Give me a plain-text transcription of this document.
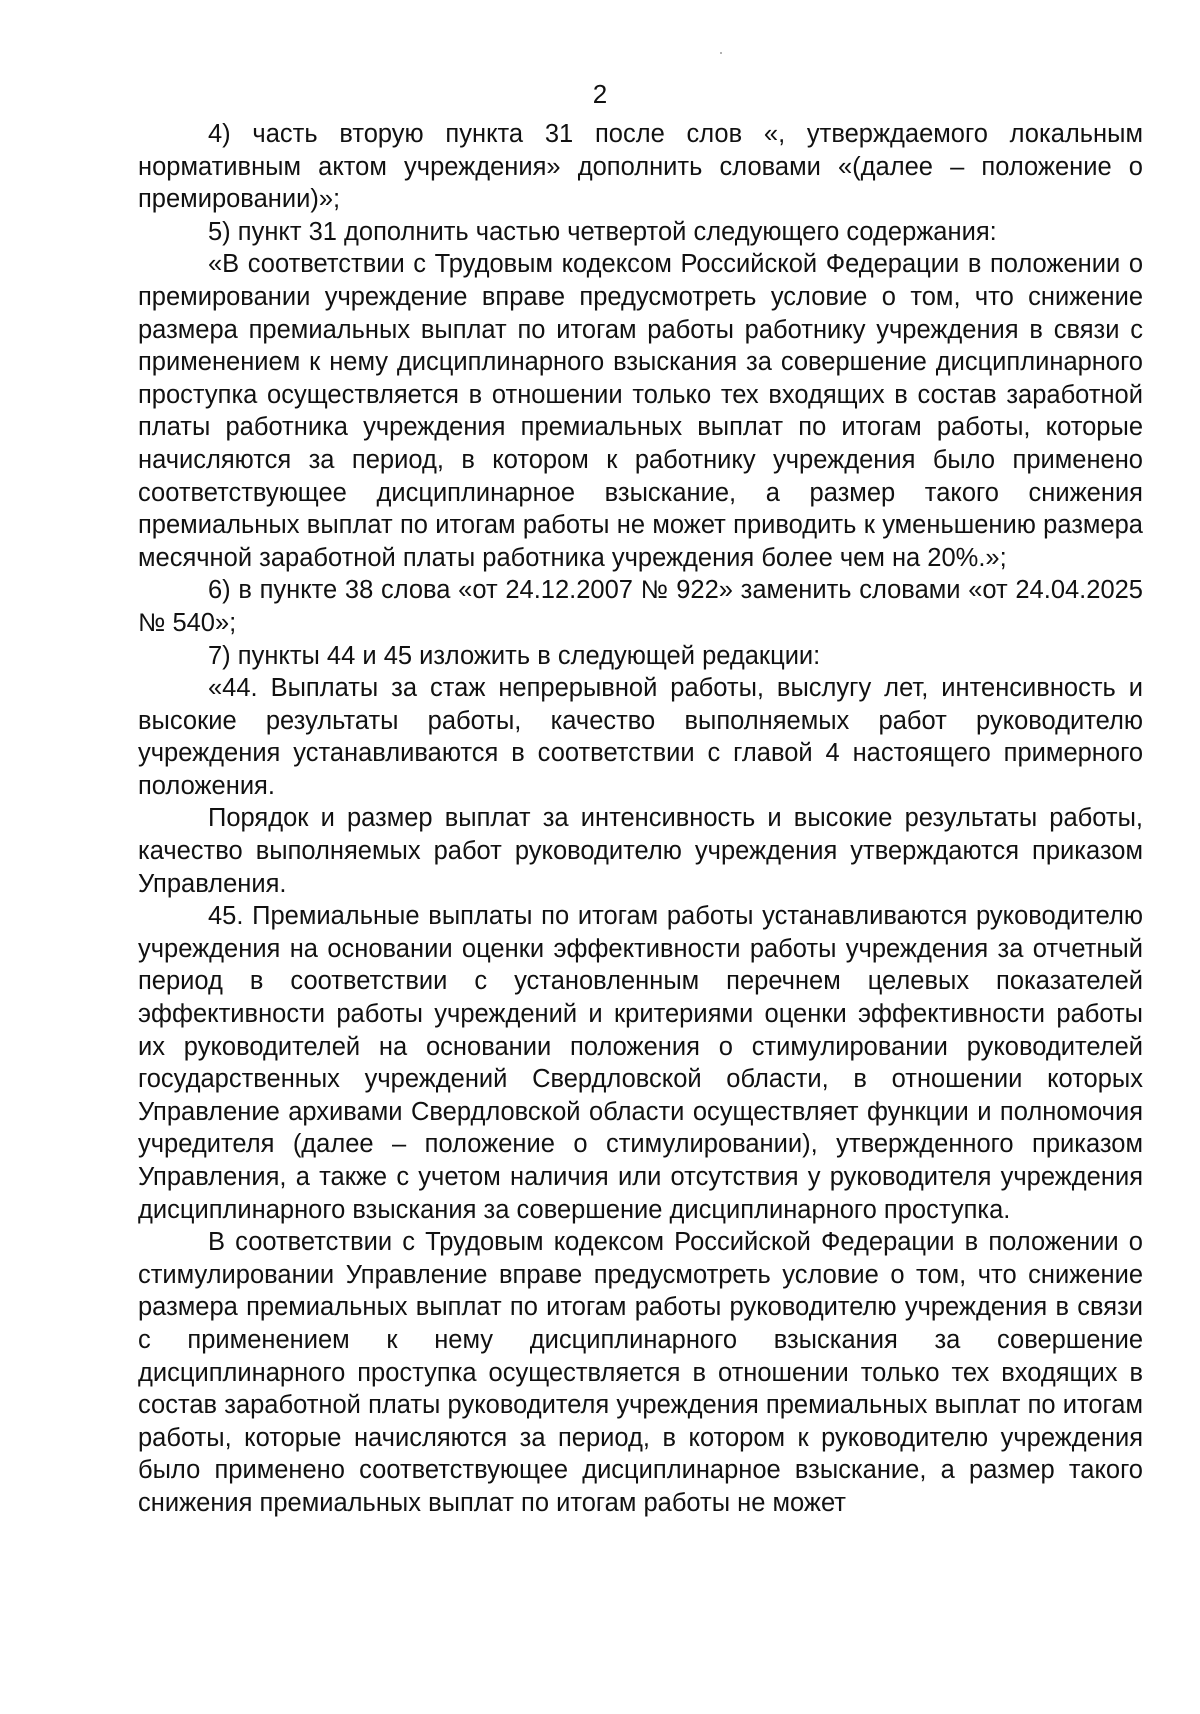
2

4) часть вторую пункта 31 после слов «, утверждаемого локальным нормативным актом учреждения» дополнить словами «(далее – положение о премировании)»;

5) пункт 31 дополнить частью четвертой следующего содержания:

«В соответствии с Трудовым кодексом Российской Федерации в положении о премировании учреждение вправе предусмотреть условие о том, что снижение размера премиальных выплат по итогам работы работнику учреждения в связи с применением к нему дисциплинарного взыскания за совершение дисциплинарного проступка осуществляется в отношении только тех входящих в состав заработной платы работника учреждения премиальных выплат по итогам работы, которые начисляются за период, в котором к работнику учреждения было применено соответствующее дисциплинарное взыскание, а размер такого снижения премиальных выплат по итогам работы не может приводить к уменьшению размера месячной заработной платы работника учреждения более чем на 20%.»;

6) в пункте 38 слова «от 24.12.2007 № 922» заменить словами «от 24.04.2025 № 540»;

7) пункты 44 и 45 изложить в следующей редакции:

«44. Выплаты за стаж непрерывной работы, выслугу лет, интенсивность и высокие результаты работы, качество выполняемых работ руководителю учреждения устанавливаются в соответствии с главой 4 настоящего примерного положения.

Порядок и размер выплат за интенсивность и высокие результаты работы, качество выполняемых работ руководителю учреждения утверждаются приказом Управления.

45. Премиальные выплаты по итогам работы устанавливаются руководителю учреждения на основании оценки эффективности работы учреждения за отчетный период в соответствии с установленным перечнем целевых показателей эффективности работы учреждений и критериями оценки эффективности работы их руководителей на основании положения о стимулировании руководителей государственных учреждений Свердловской области, в отношении которых Управление архивами Свердловской области осуществляет функции и полномочия учредителя (далее – положение о стимулировании), утвержденного приказом Управления, а также с учетом наличия или отсутствия у руководителя учреждения дисциплинарного взыскания за совершение дисциплинарного проступка.

В соответствии с Трудовым кодексом Российской Федерации в положении о стимулировании Управление вправе предусмотреть условие о том, что снижение размера премиальных выплат по итогам работы руководителю учреждения в связи с применением к нему дисциплинарного взыскания за совершение дисциплинарного проступка осуществляется в отношении только тех входящих в состав заработной платы руководителя учреждения премиальных выплат по итогам работы, которые начисляются за период, в котором к руководителю учреждения было применено соответствующее дисциплинарное взыскание, а размер такого снижения премиальных выплат по итогам работы не может
